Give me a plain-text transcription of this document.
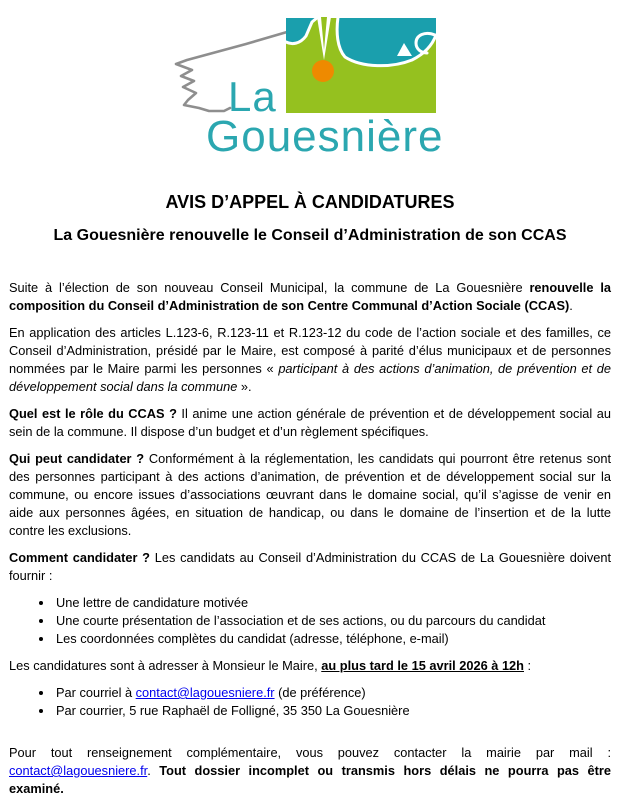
La
Gouesnière
AVIS D’APPEL À CANDIDATURES
La Gouesnière renouvelle le Conseil d’Administration de son CCAS

Suite à l’élection de son nouveau Conseil Municipal, la commune de La Gouesnière renouvelle la composition du Conseil d’Administration de son Centre Communal d’Action Sociale (CCAS).

En application des articles L.123-6, R.123-11 et R.123-12 du code de l’action sociale et des familles, ce Conseil d’Administration, présidé par le Maire, est composé à parité d’élus municipaux et de personnes nommées par le Maire parmi les personnes « participant à des actions d’animation, de prévention et de développement social dans la commune ».

Quel est le rôle du CCAS ? Il anime une action générale de prévention et de développement social au sein de la commune. Il dispose d’un budget et d’un règlement spécifiques.

Qui peut candidater ? Conformément à la réglementation, les candidats qui pourront être retenus sont des personnes participant à des actions d’animation, de prévention et de développement social sur la commune, ou encore issues d’associations œuvrant dans le domaine social, qu’il s’agisse de venir en aide aux personnes âgées, en situation de handicap, ou dans le domaine de l’insertion et de la lutte contre les exclusions.

Comment candidater ? Les candidats au Conseil d’Administration du CCAS de La Gouesnière doivent fournir :

• Une lettre de candidature motivée
• Une courte présentation de l’association et de ses actions, ou du parcours du candidat
• Les coordonnées complètes du candidat (adresse, téléphone, e-mail)

Les candidatures sont à adresser à Monsieur le Maire, au plus tard le 15 avril 2026 à 12h :

• Par courriel à contact@lagouesniere.fr (de préférence)
• Par courrier, 5 rue Raphaël de Folligné, 35 350 La Gouesnière

Pour tout renseignement complémentaire, vous pouvez contacter la mairie par mail : contact@lagouesniere.fr. Tout dossier incomplet ou transmis hors délais ne pourra pas être examiné.
